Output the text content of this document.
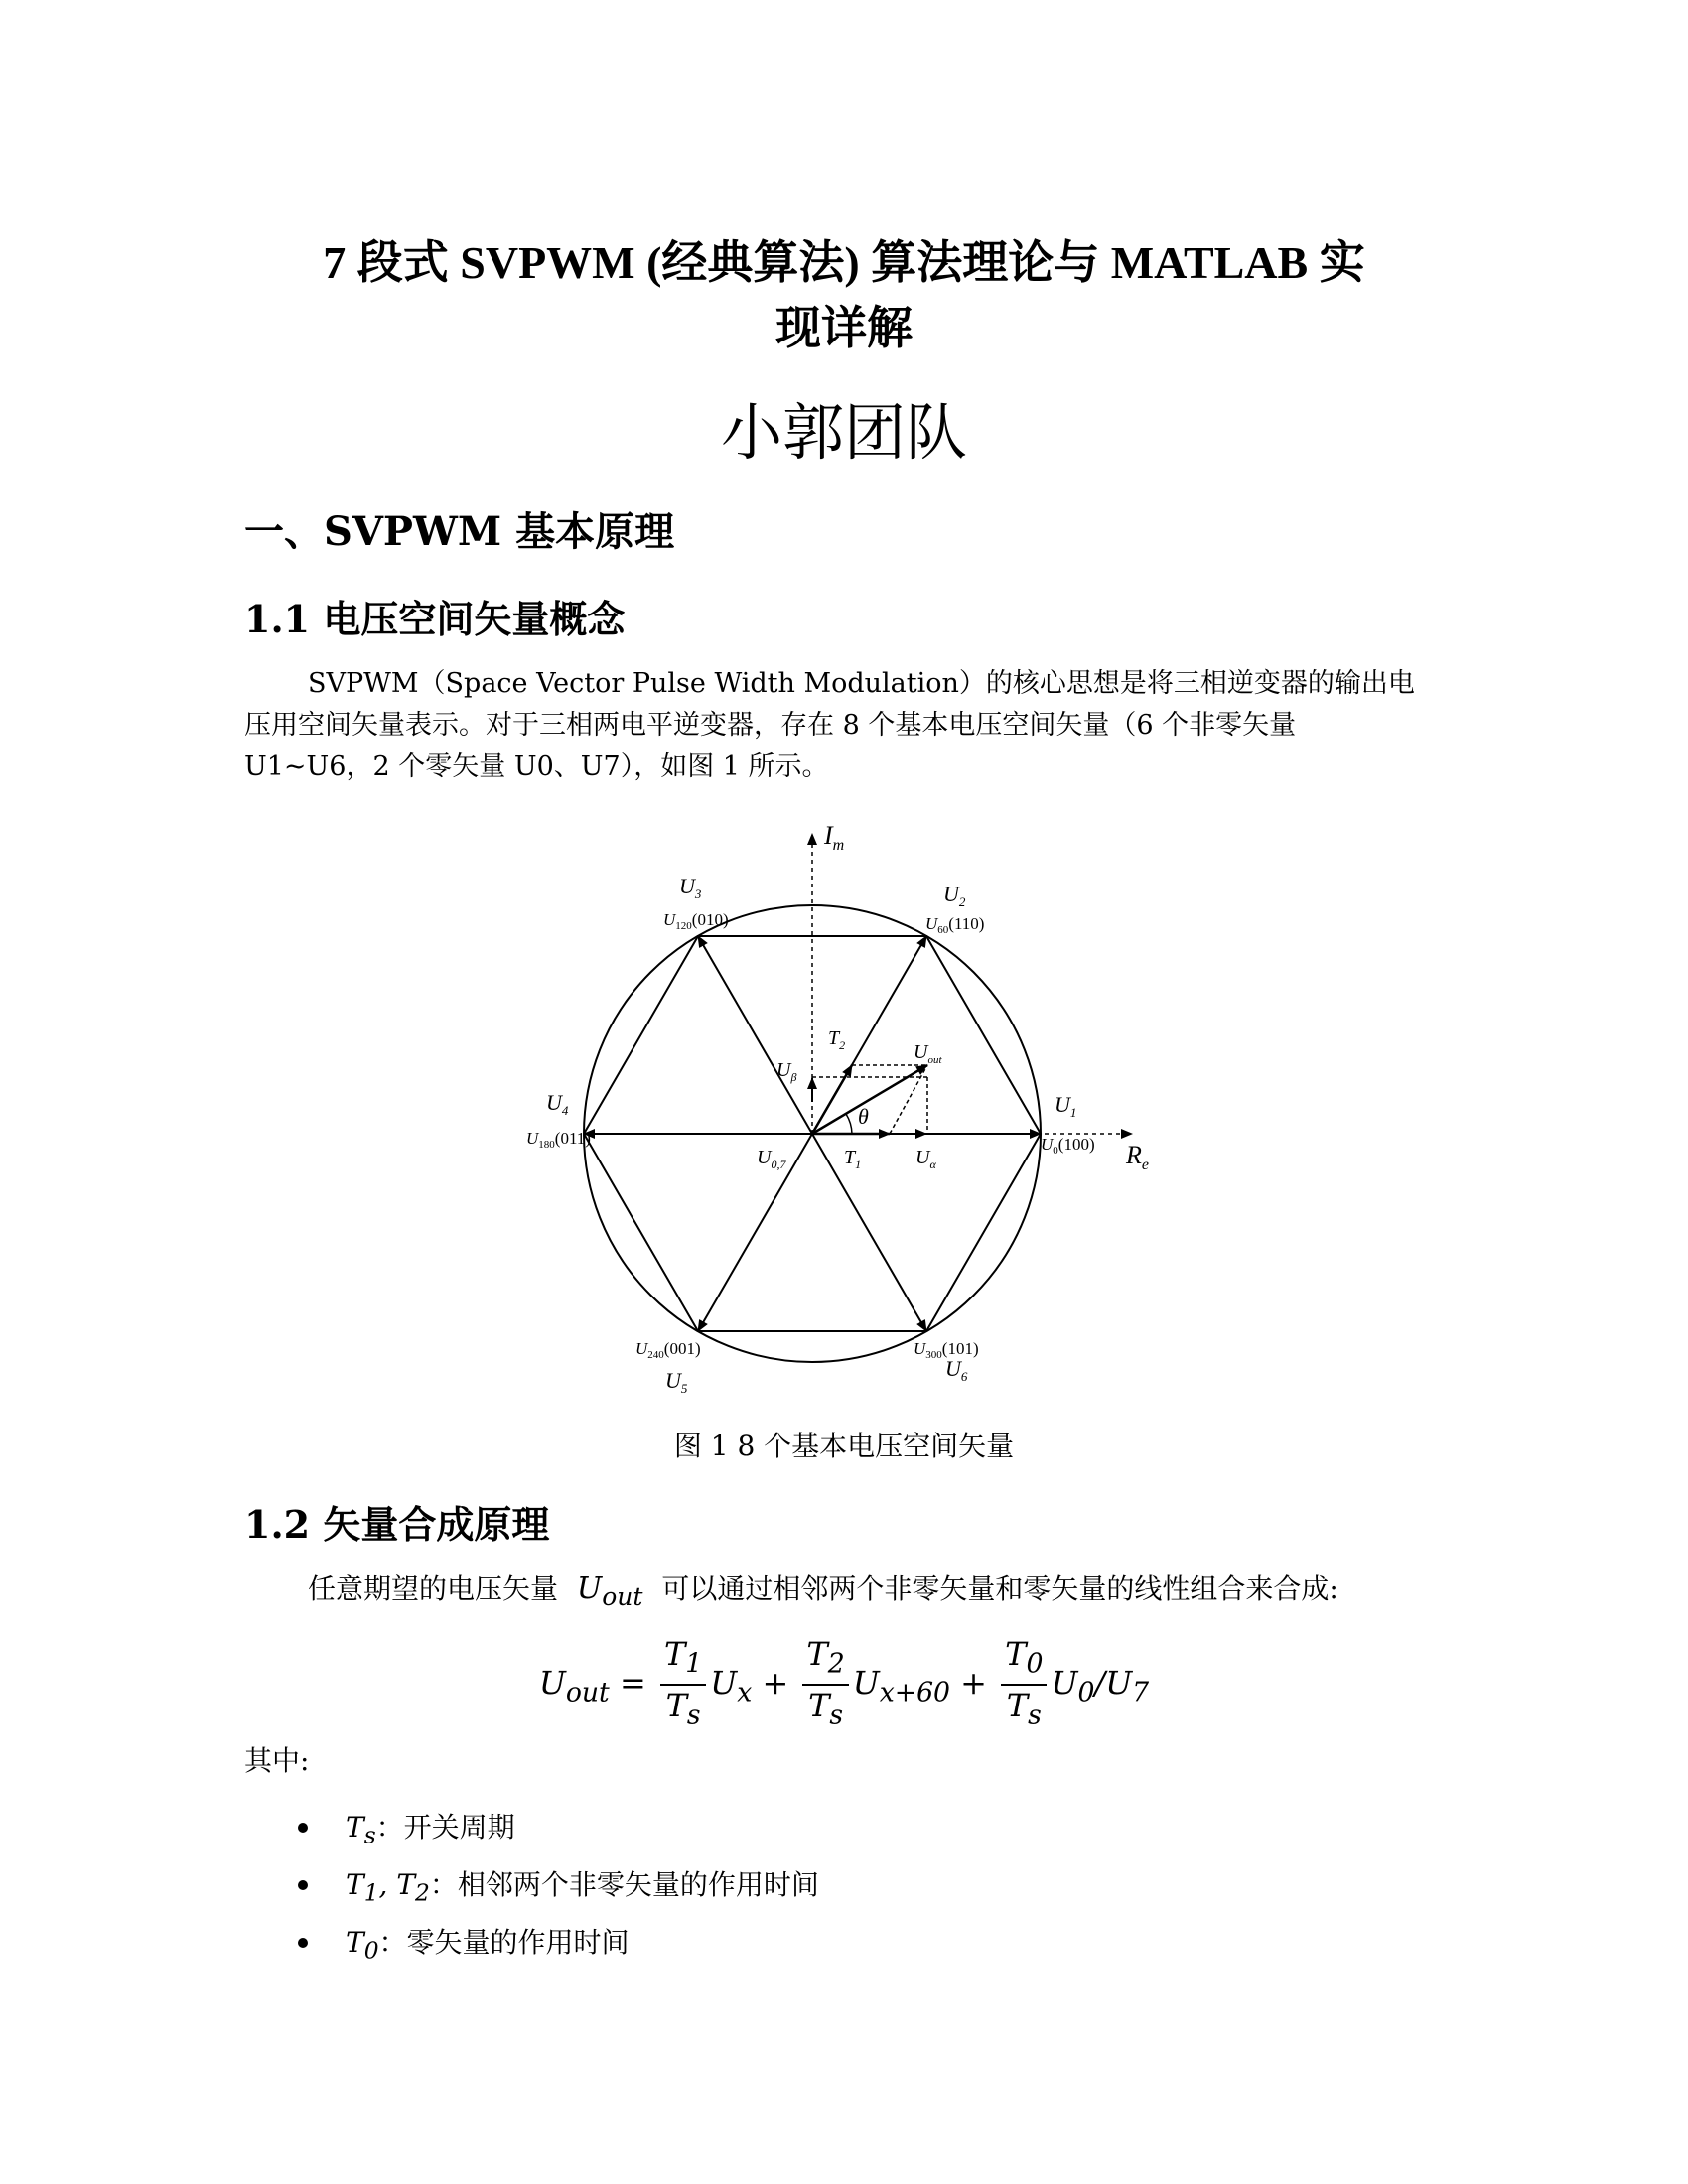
7 段式 SVPWM (经典算法) 算法理论与 MATLAB 实
现详解
小郭团队
一、SVPWM 基本原理
1.1 电压空间矢量概念
SVPWM（Space Vector Pulse Width Modulation）的核心思想是将三相逆变器的输出电
压用空间矢量表示。对于三相两电平逆变器，存在 8 个基本电压空间矢量（6 个非零矢量
U1~U6，2 个零矢量 U0、U7），如图 1 所示。
$I_m$
$R_e$
$U_1$
$U_0(100)$
$U_2$
$U_{60}(110)$
$U_3$
$U_{120}(010)$
$U_4$
$U_{180}(011)$
$U_{240}(001)$
$U_5$
$U_{300}(101)$
$U_6$
$U_{0,7}$	$T_1$
$T_2$	$U_{out}$
$U_\alpha$
$U_\beta$
θ
图 1 8 个基本电压空间矢量
1.2 矢量合成原理
任意期望的电压矢量 $U_{out}$ 可以通过相邻两个非零矢量和零矢量的线性组合来合成:
$U_{out} = \frac{T_1}{T_s} U_x + \frac{T_2}{T_s} U_{x+60} + \frac{T_0}{T_s} U_0/U_7$
其中:
$T_s$：开关周期
$T_1$, $T_2$：相邻两个非零矢量的作用时间
$T_0$：零矢量的作用时间
